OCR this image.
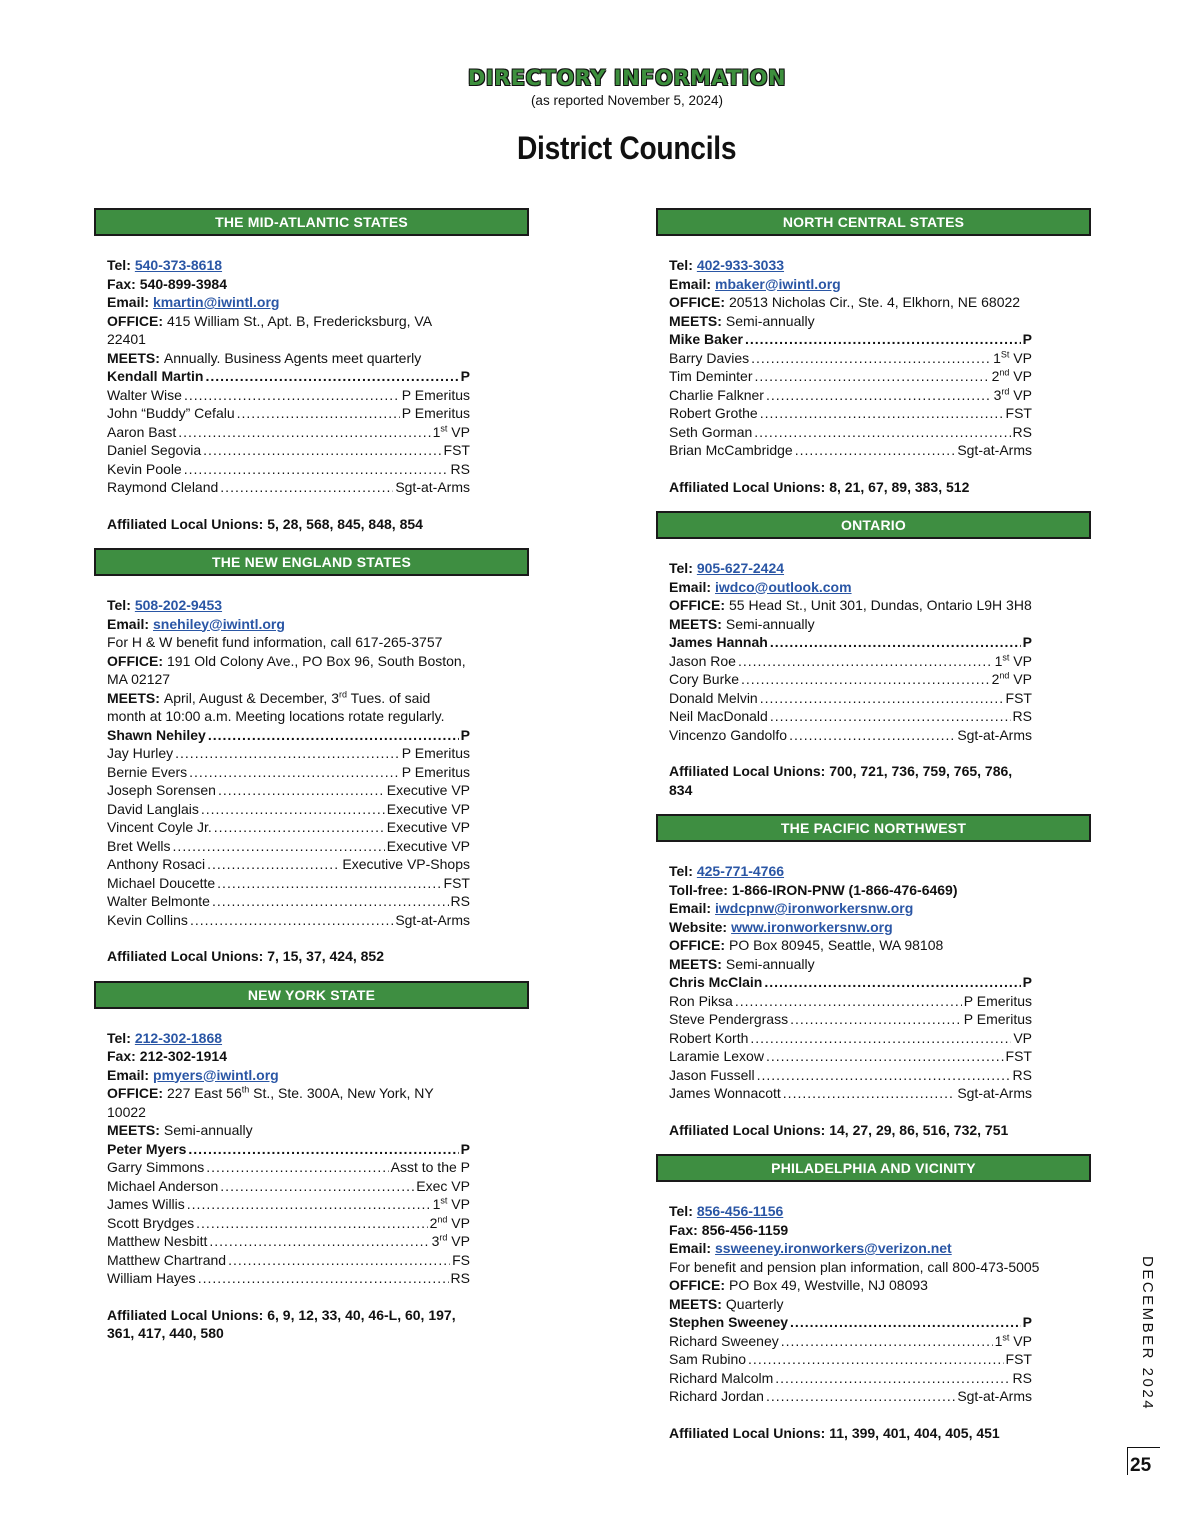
DIRECTORY INFORMATION
(as reported November 5, 2024)
District Councils
THE MID-ATLANTIC STATES
Tel: 540-373-8618
Fax: 540-899-3984
Email: kmartin@iwintl.org
OFFICE: 415 William St., Apt. B, Fredericksburg, VA 22401
MEETS: Annually. Business Agents meet quarterly
Kendall Martin .....	P
Walter Wise .....	P Emeritus
John “Buddy” Cefalu .....	P Emeritus
Aaron Bast .....	1st VP
Daniel Segovia .....	FST
Kevin Poole .....	RS
Raymond Cleland .....	Sgt-at-Arms
Affiliated Local Unions: 5, 28, 568, 845, 848, 854
THE NEW ENGLAND STATES
Tel: 508-202-9453
Email: snehiley@iwintl.org
For H & W benefit fund information, call 617-265-3757
OFFICE: 191 Old Colony Ave., PO Box 96, South Boston, MA 02127
MEETS: April, August & December, 3rd Tues. of said month at 10:00 a.m. Meeting locations rotate regularly.
Shawn Nehiley .....	P
Jay Hurley .....	P Emeritus
Bernie Evers .....	P Emeritus
Joseph Sorensen .....	Executive VP
David Langlais .....	Executive VP
Vincent Coyle Jr. .....	Executive VP
Bret Wells .....	Executive VP
Anthony Rosaci .....	Executive VP-Shops
Michael Doucette .....	FST
Walter Belmonte .....	RS
Kevin Collins .....	Sgt-at-Arms
Affiliated Local Unions: 7, 15, 37, 424, 852
NEW YORK STATE
Tel: 212-302-1868
Fax: 212-302-1914
Email: pmyers@iwintl.org
OFFICE: 227 East 56th St., Ste. 300A, New York, NY 10022
MEETS: Semi-annually
Peter Myers .....	P
Garry Simmons .....	Asst to the P
Michael Anderson .....	Exec VP
James Willis .....	1st VP
Scott Brydges .....	2nd VP
Matthew Nesbitt .....	3rd VP
Matthew Chartrand .....	FS
William Hayes .....	RS
Affiliated Local Unions: 6, 9, 12, 33, 40, 46-L, 60, 197, 361, 417, 440, 580
NORTH CENTRAL STATES
Tel: 402-933-3033
Email: mbaker@iwintl.org
OFFICE: 20513 Nicholas Cir., Ste. 4, Elkhorn, NE 68022
MEETS: Semi-annually
Mike Baker .....	P
Barry Davies .....	1St VP
Tim Deminter .....	2nd VP
Charlie Falkner .....	3rd VP
Robert Grothe .....	FST
Seth Gorman .....	RS
Brian McCambridge .....	Sgt-at-Arms
Affiliated Local Unions: 8, 21, 67, 89, 383, 512
ONTARIO
Tel: 905-627-2424
Email: iwdco@outlook.com
OFFICE: 55 Head St., Unit 301, Dundas, Ontario L9H 3H8
MEETS: Semi-annually
James Hannah .....	P
Jason Roe .....	1st VP
Cory Burke .....	2nd VP
Donald Melvin .....	FST
Neil MacDonald .....	RS
Vincenzo Gandolfo .....	Sgt-at-Arms
Affiliated Local Unions: 700, 721, 736, 759, 765, 786, 834
THE PACIFIC NORTHWEST
Tel: 425-771-4766
Toll-free: 1-866-IRON-PNW (1-866-476-6469)
Email: iwdcpnw@ironworkersnw.org
Website: www.ironworkersnw.org
OFFICE: PO Box 80945, Seattle, WA 98108
MEETS: Semi-annually
Chris McClain .....	P
Ron Piksa .....	P Emeritus
Steve Pendergrass .....	P Emeritus
Robert Korth .....	VP
Laramie Lexow .....	FST
Jason Fussell .....	RS
James Wonnacott .....	Sgt-at-Arms
Affiliated Local Unions: 14, 27, 29, 86, 516, 732, 751
PHILADELPHIA AND VICINITY
Tel: 856-456-1156
Fax: 856-456-1159
Email: ssweeney.ironworkers@verizon.net
For benefit and pension plan information, call 800-473-5005
OFFICE: PO Box 49, Westville, NJ 08093
MEETS: Quarterly
Stephen Sweeney .....	P
Richard Sweeney .....	1st VP
Sam Rubino .....	FST
Richard Malcolm .....	RS
Richard Jordan .....	Sgt-at-Arms
Affiliated Local Unions: 11, 399, 401, 404, 405, 451
DECEMBER 2024
25
